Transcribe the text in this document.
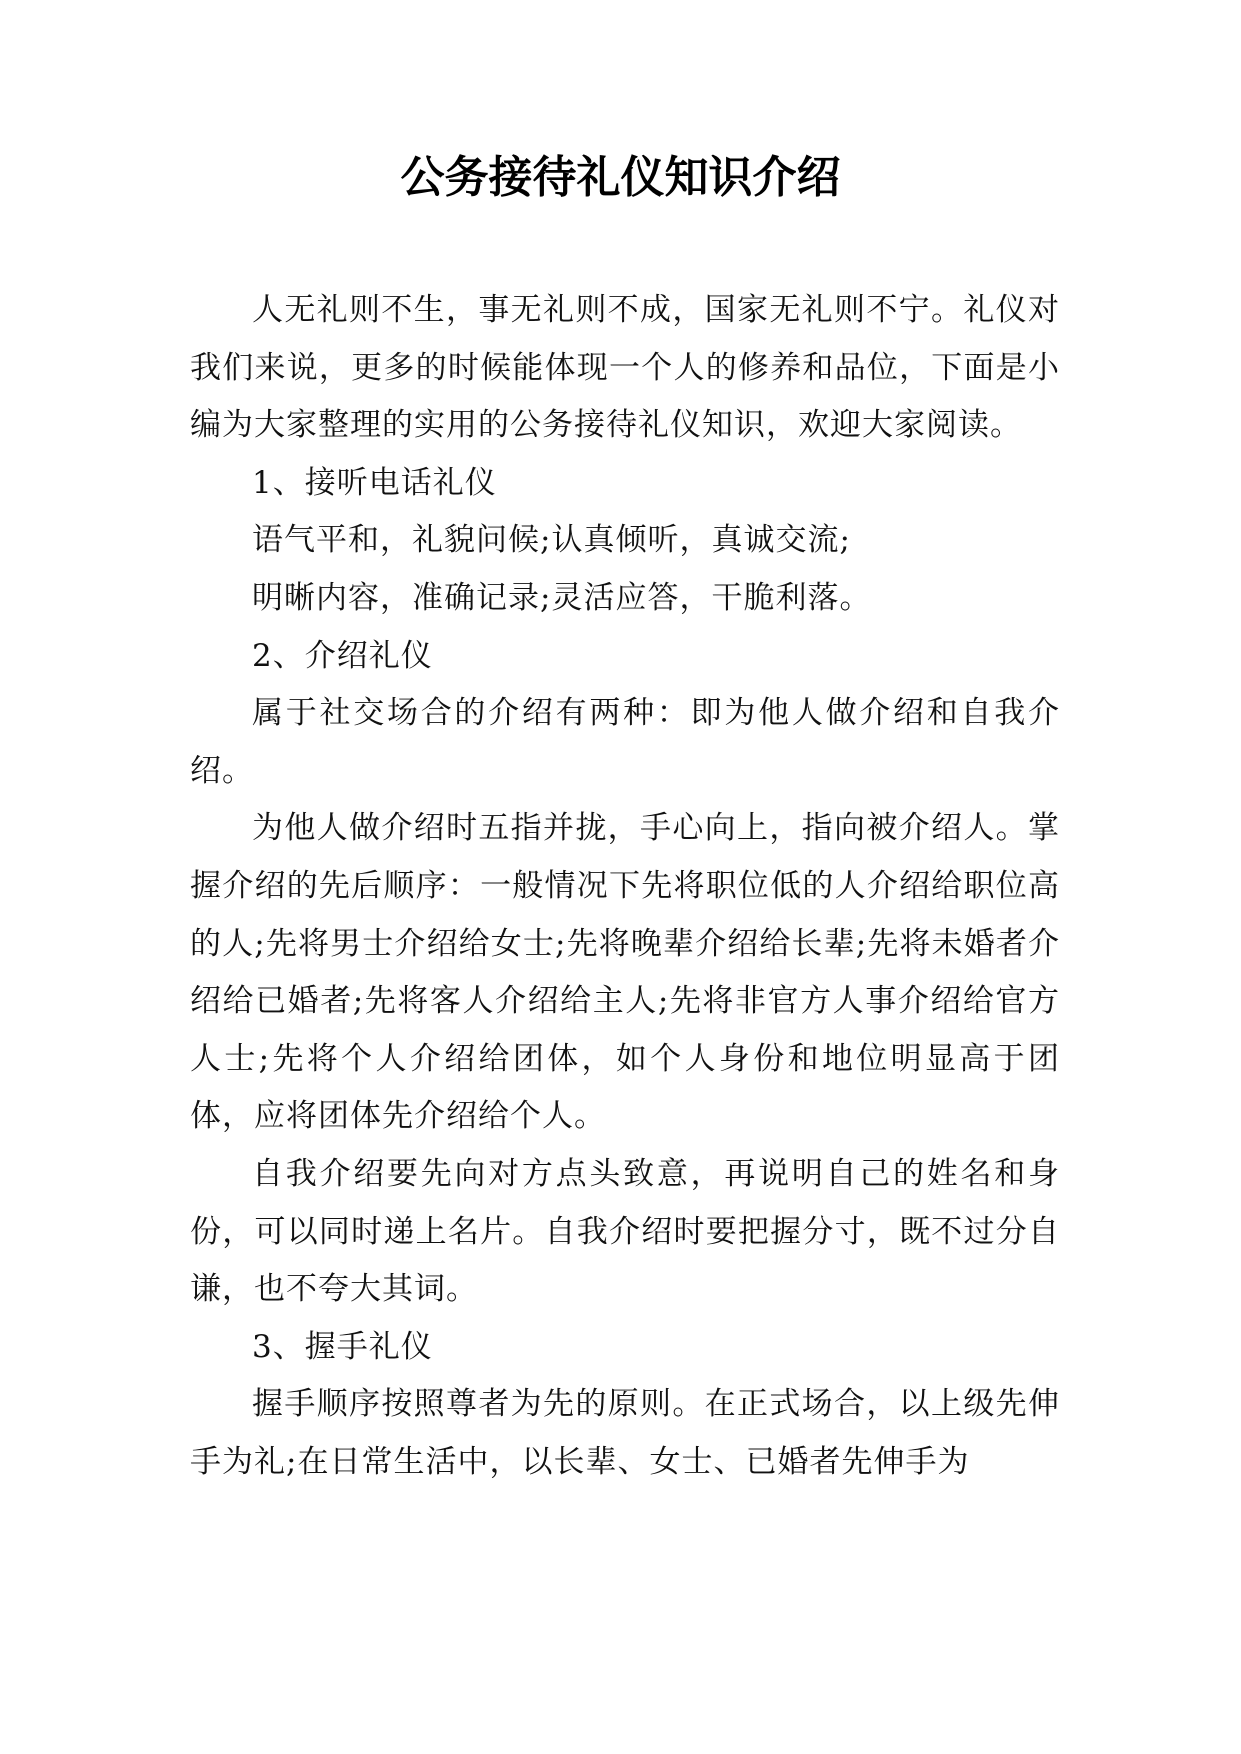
公务接待礼仪知识介绍

人无礼则不生，事无礼则不成，国家无礼则不宁。礼仪对我们来说，更多的时候能体现一个人的修养和品位，下面是小编为大家整理的实用的公务接待礼仪知识，欢迎大家阅读。

1、接听电话礼仪

语气平和，礼貌问候;认真倾听，真诚交流;

明晰内容，准确记录;灵活应答，干脆利落。

2、介绍礼仪

属于社交场合的介绍有两种：即为他人做介绍和自我介绍。

为他人做介绍时五指并拢，手心向上，指向被介绍人。掌握介绍的先后顺序：一般情况下先将职位低的人介绍给职位高的人;先将男士介绍给女士;先将晚辈介绍给长辈;先将未婚者介绍给已婚者;先将客人介绍给主人;先将非官方人事介绍给官方人士;先将个人介绍给团体，如个人身份和地位明显高于团体，应将团体先介绍给个人。

自我介绍要先向对方点头致意，再说明自己的姓名和身份，可以同时递上名片。自我介绍时要把握分寸，既不过分自谦，也不夸大其词。

3、握手礼仪

握手顺序按照尊者为先的原则。在正式场合，以上级先伸手为礼;在日常生活中，以长辈、女士、已婚者先伸手为
